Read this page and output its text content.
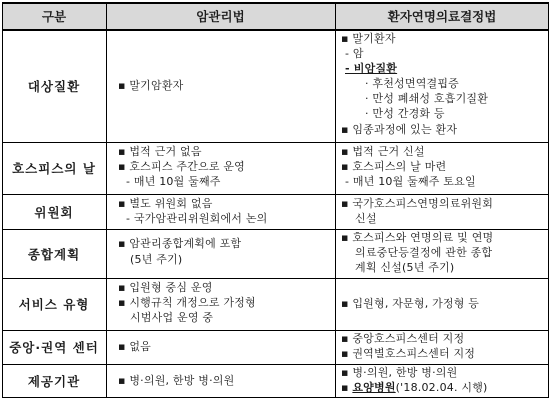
구분	암관리법	환자연명의료결정법
대상질환
호스피스의 날
위원회
종합계획
서비스 유형
중앙·권역 센터
제공기관
▪ 말기암환자
▪ 말기환자
- 암
- 비암질환
· 후천성면역결핍증
· 만성 폐쇄성 호흡기질환
· 만성 간경화 등
▪ 임종과정에 있는 환자
▪ 법적 근거 없음
▪ 호스피스 주간으로 운영
- 매년 10월 둘째주
▪ 법적 근거 신설
▪ 호스피스의 날 마련
- 매년 10월 둘째주 토요일
▪ 별도 위원회 없음
- 국가암관리위원회에서 논의
▪ 국가호스피스연명의료위원회
신설
▪ 암관리종합계획에 포함
(5년 주기)
▪ 호스피스와 연명의료 및 연명
의료중단등결정에 관한 종합
계획 신설(5년 주기)
▪ 입원형 중심 운영
▪ 시행규칙 개정으로 가정형
시범사업 운영 중
▪ 입원형, 자문형, 가정형 등
▪ 없음
▪ 중앙호스피스센터 지정
▪ 권역별호스피스센터 지정
▪ 병·의원, 한방 병·의원
▪ 병·의원, 한방 병·의원
▪ 요양병원('18.02.04. 시행)
